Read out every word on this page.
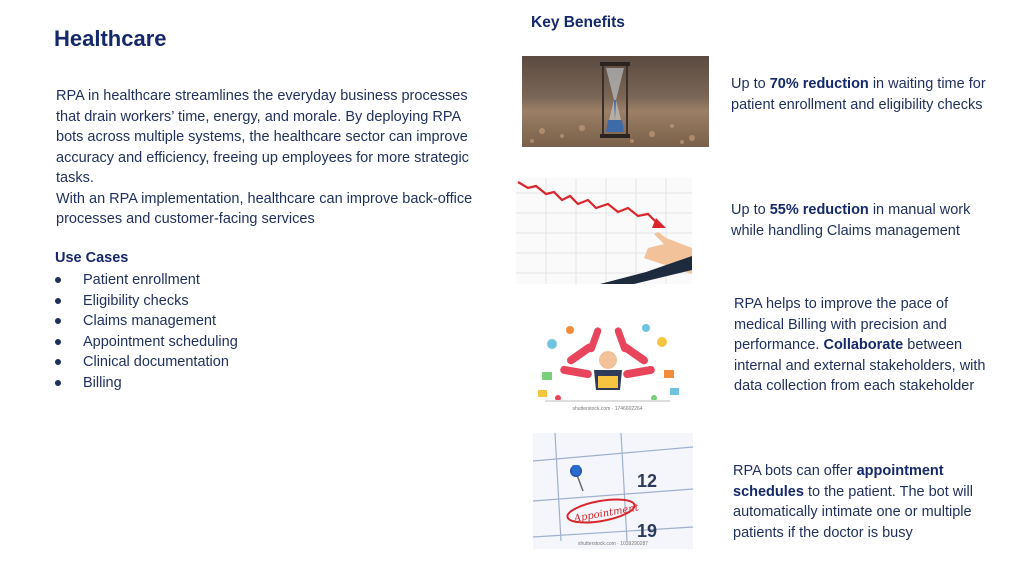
Healthcare

RPA in healthcare streamlines the everyday business processes that drain workers’ time, energy, and morale. By deploying RPA bots across multiple systems, the healthcare sector can improve accuracy and efficiency, freeing up employees for more strategic tasks.

With an RPA implementation, healthcare can improve back-office processes and customer-facing services

Use Cases
Patient enrollment
Eligibility checks
Claims management
Appointment scheduling
Clinical documentation
Billing
Key Benefits
shutterstock.com · 1746602264
12
19
Appointment
shutterstock.com · 1039290287
Up to 70% reduction in waiting time for patient enrollment and eligibility checks
Up to 55% reduction in manual work while handling Claims management
RPA helps to improve the pace of medical Billing with precision and performance. Collaborate between internal and external stakeholders, with data collection from each stakeholder
RPA bots can offer appointment schedules to the patient. The bot will automatically intimate one or multiple patients if the doctor is busy
